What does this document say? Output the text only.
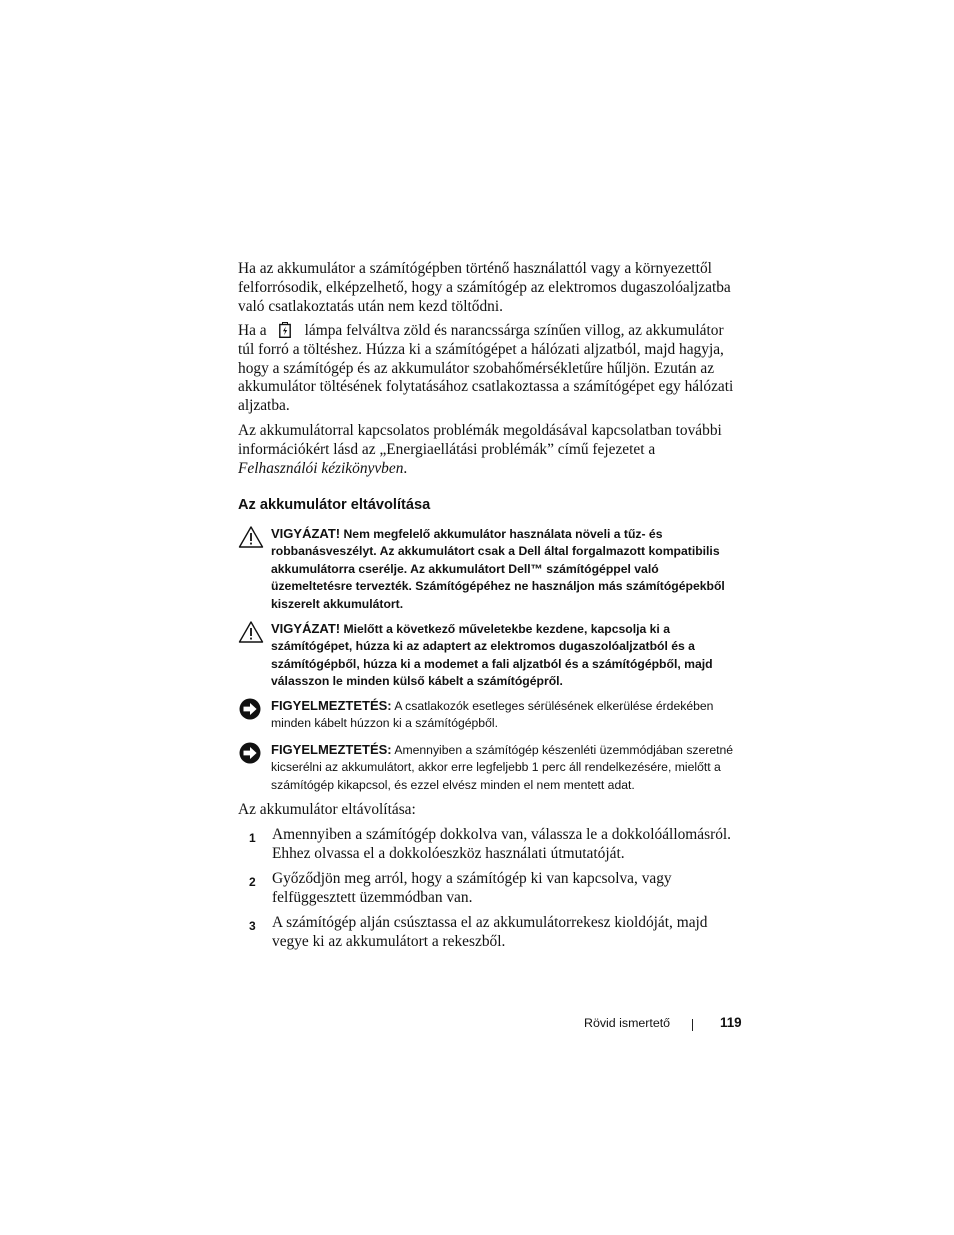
Ha az akkumulátor a számítógépben történő használattól vagy a környezettől felforrósodik, elképzelhető, hogy a számítógép az elektromos dugaszolóaljzatba való csatlakoztatás után nem kezd töltődni.

Ha a lámpa felváltva zöld és narancssárga színűen villog, az akkumulátor túl forró a töltéshez. Húzza ki a számítógépet a hálózati aljzatból, majd hagyja, hogy a számítógép és az akkumulátor szobahőmérsékletűre hűljön. Ezután az akkumulátor töltésének folytatásához csatlakoztassa a számítógépet egy hálózati aljzatba.

Az akkumulátorral kapcsolatos problémák megoldásával kapcsolatban további információkért lásd az „Energiaellátási problémák” című fejezetet a Felhasználói kézikönyvben.

Az akkumulátor eltávolítása
VIGYÁZAT! Nem megfelelő akkumulátor használata növeli a tűz- és robbanásveszélyt. Az akkumulátort csak a Dell által forgalmazott kompatibilis akkumulátorra cserélje. Az akkumulátort Dell™ számítógéppel való üzemeltetésre tervezték. Számítógépéhez ne használjon más számítógépekből kiszerelt akkumulátort.
VIGYÁZAT! Mielőtt a következő műveletekbe kezdene, kapcsolja ki a számítógépet, húzza ki az adaptert az elektromos dugaszolóaljzatból és a számítógépből, húzza ki a modemet a fali aljzatból és a számítógépből, majd válasszon le minden külső kábelt a számítógépről.
FIGYELMEZTETÉS: A csatlakozók esetleges sérülésének elkerülése érdekében minden kábelt húzzon ki a számítógépből.
FIGYELMEZTETÉS: Amennyiben a számítógép készenléti üzemmódjában szeretné kicserélni az akkumulátort, akkor erre legfeljebb 1 perc áll rendelkezésére, mielőtt a számítógép kikapcsol, és ezzel elvész minden el nem mentett adat.

Az akkumulátor eltávolítása:

1 Amennyiben a számítógép dokkolva van, válassza le a dokkolóállomásról. Ehhez olvassa el a dokkolóeszköz használati útmutatóját.
2 Győződjön meg arról, hogy a számítógép ki van kapcsolva, vagy felfüggesztett üzemmódban van.
3 A számítógép alján csúsztassa el az akkumulátorrekesz kioldóját, majd vegye ki az akkumulátort a rekeszből.
Rövid ismertető	119
